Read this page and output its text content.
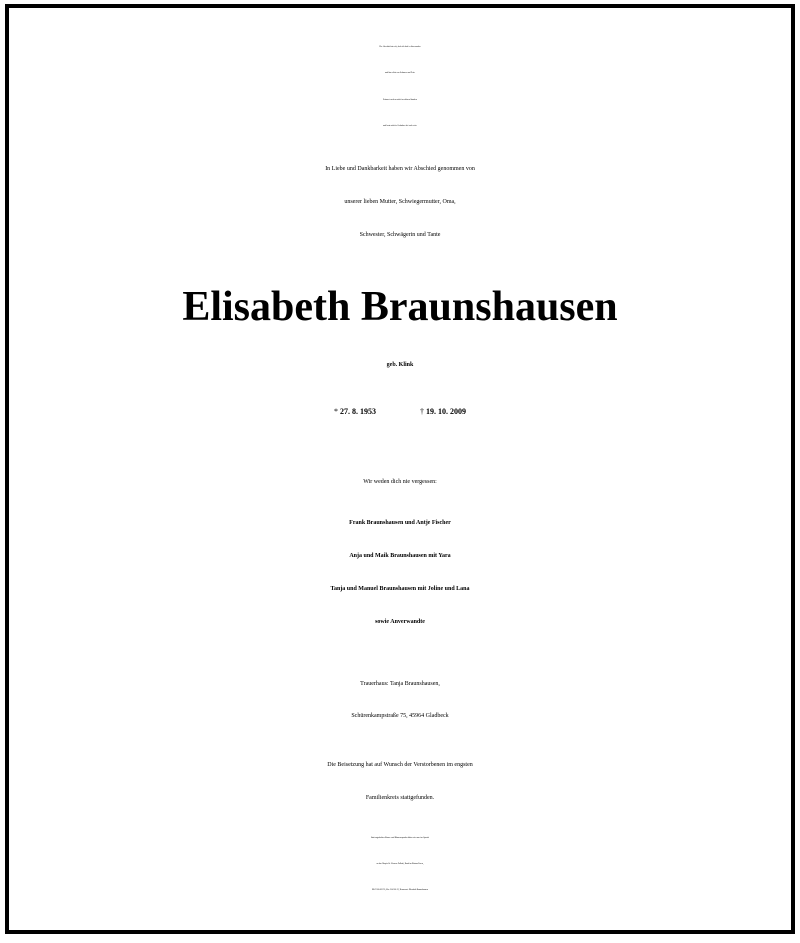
Der Abschied tut weh, doch ich hab`es überwunden
und bin erlöst von Schmerz und Pein.
Erinnert euch an mich in schönen Stunden
und lasst mich in Gedanken bei euch sein.
In Liebe und Dankbarkeit haben wir Abschied genommen von
unserer lieben Mutter, Schwiegermutter, Oma,
Schwester, Schwägerin und Tante
Elisabeth Braunshausen
geb. Klink
* 27. 8. 1953	† 19. 10. 2009
Wir weden dich nie vergessen:
Frank Braunshausen und Antje Fischer
Anja und Maik Braunshausen mit Yara
Tanja und Manuel Braunshausen mit Joline und Lana
sowie Anverwandte
Trauerhaus: Tanja Braunshausen,
Schürenkampstraße 75, 45964 Gladbeck
Die Beisetzung hat auf Wunsch der Verstorbenen im engsten
Familienkreis stattgefunden.
Statt zugedachter Kranz- und Blumenspenden bitten wir um eine Spende
an das Hospiz St. Vinzenz Pallotti, Bank im Bistum Essen,
BLZ 360 602 95, Kto 134 300 12, Kennwort: Elisabeth Braunshausen
